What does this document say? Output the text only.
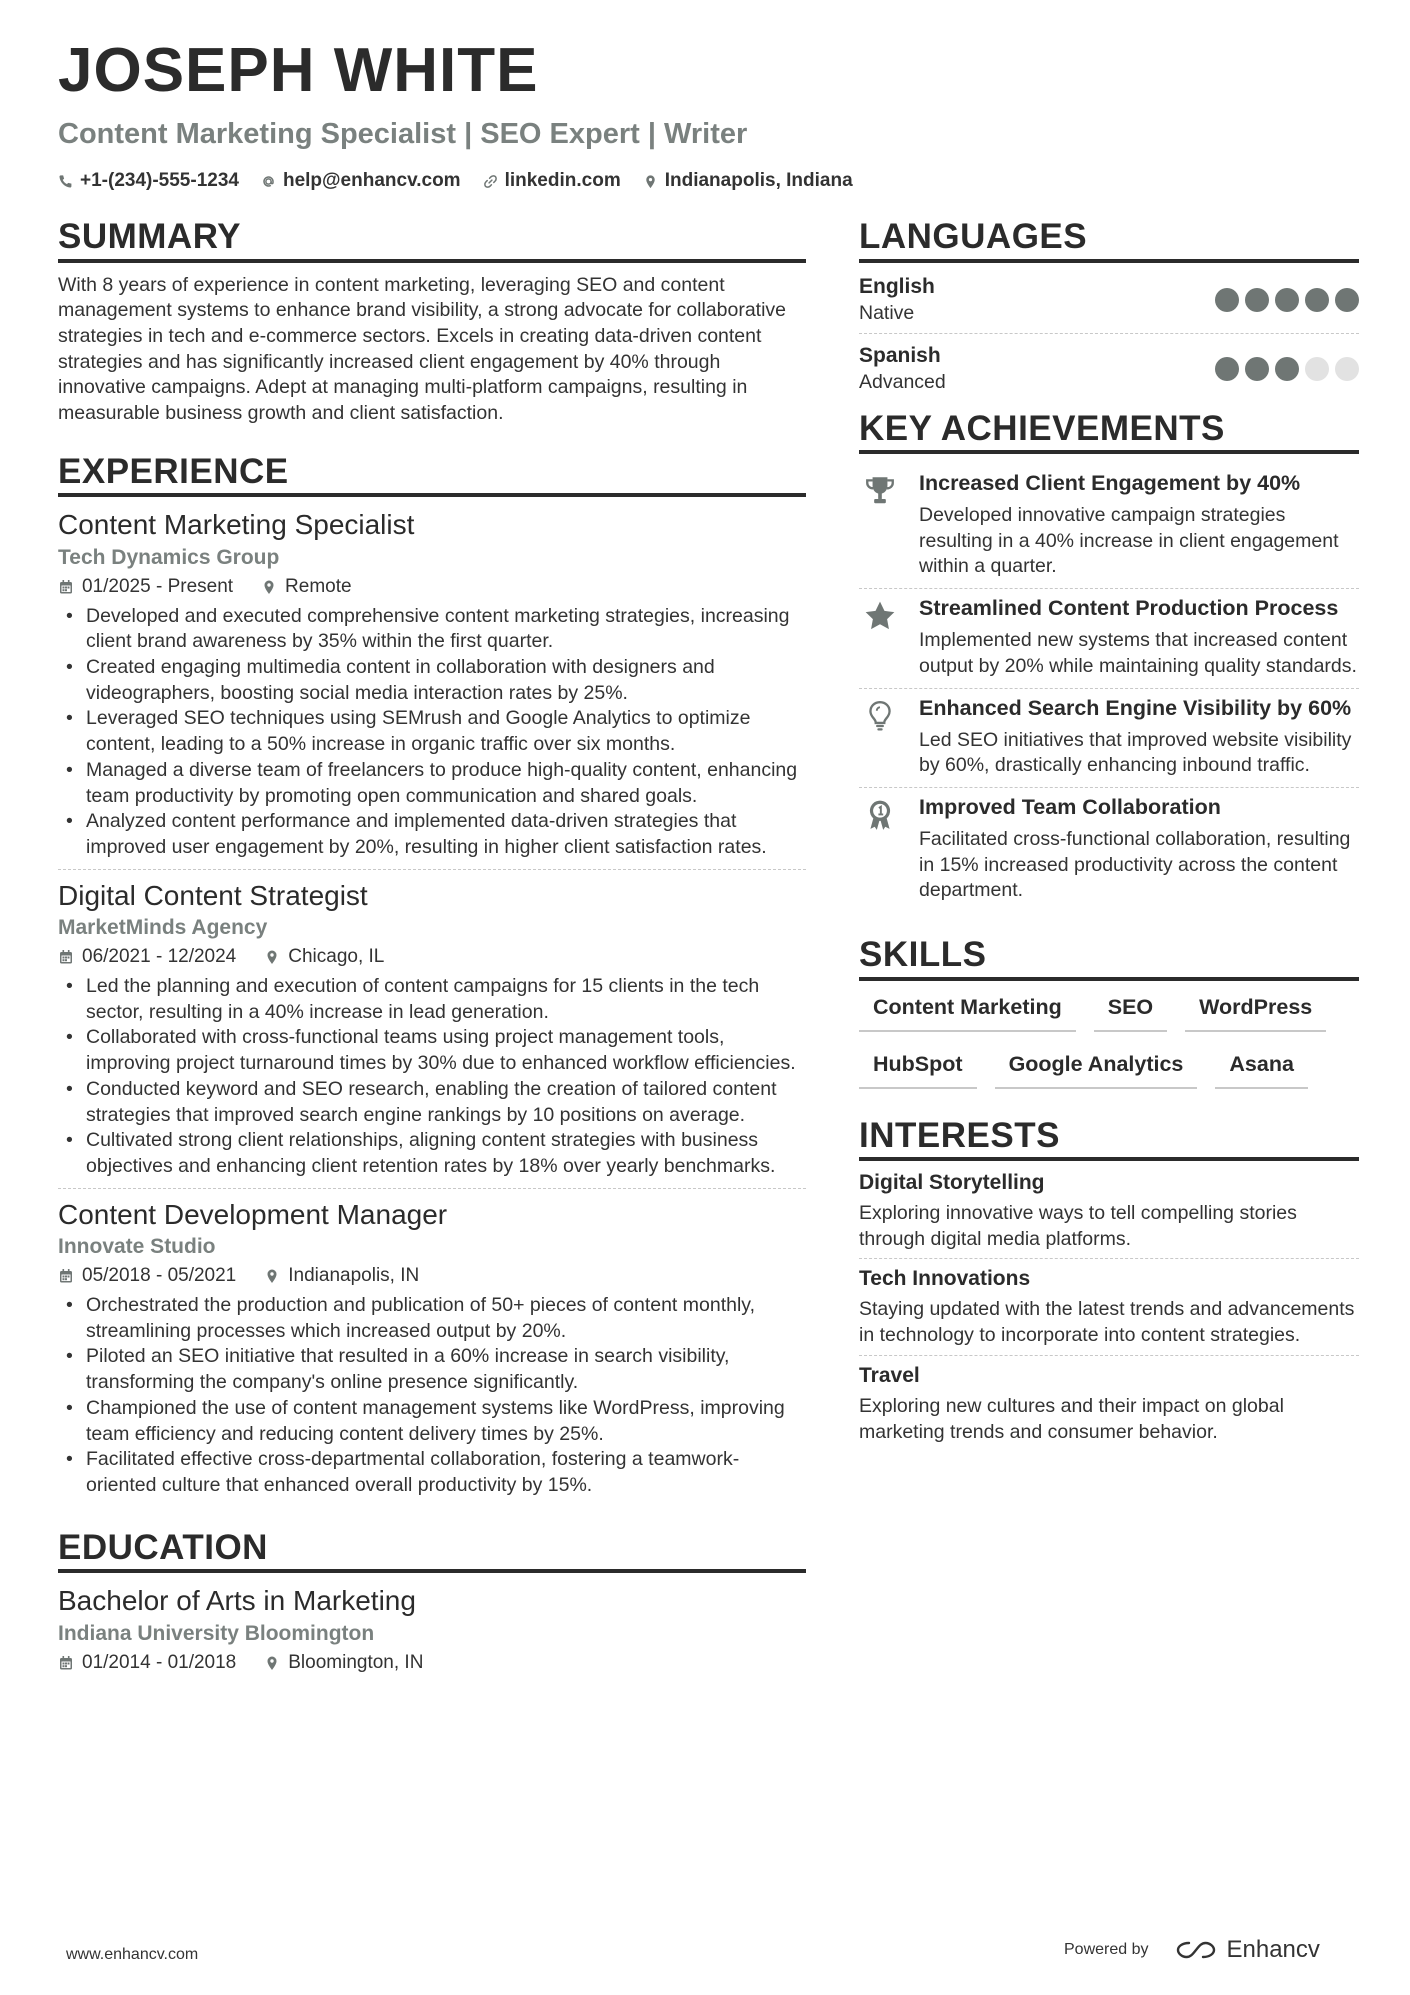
JOSEPH WHITE
Content Marketing Specialist | SEO Expert | Writer
+1-(234)-555-1234 help@enhancv.com linkedin.com Indianapolis, Indiana
SUMMARY

With 8 years of experience in content marketing, leveraging SEO and content management systems to enhance brand visibility, a strong advocate for collaborative strategies in tech and e-commerce sectors. Excels in creating data-driven content strategies and has significantly increased client engagement by 40% through innovative campaigns. Adept at managing multi-platform campaigns, resulting in measurable business growth and client satisfaction.

EXPERIENCE
Content Marketing Specialist
Tech Dynamics Group
01/2025 - Present	Remote
• Developed and executed comprehensive content marketing strategies, increasing client brand awareness by 35% within the first quarter.
• Created engaging multimedia content in collaboration with designers and videographers, boosting social media interaction rates by 25%.
• Leveraged SEO techniques using SEMrush and Google Analytics to optimize content, leading to a 50% increase in organic traffic over six months.
• Managed a diverse team of freelancers to produce high-quality content, enhancing team productivity by promoting open communication and shared goals.
• Analyzed content performance and implemented data-driven strategies that improved user engagement by 20%, resulting in higher client satisfaction rates.
Digital Content Strategist
MarketMinds Agency
06/2021 - 12/2024	Chicago, IL
• Led the planning and execution of content campaigns for 15 clients in the tech sector, resulting in a 40% increase in lead generation.
• Collaborated with cross-functional teams using project management tools, improving project turnaround times by 30% due to enhanced workflow efficiencies.
• Conducted keyword and SEO research, enabling the creation of tailored content strategies that improved search engine rankings by 10 positions on average.
• Cultivated strong client relationships, aligning content strategies with business objectives and enhancing client retention rates by 18% over yearly benchmarks.
Content Development Manager
Innovate Studio
05/2018 - 05/2021	Indianapolis, IN
• Orchestrated the production and publication of 50+ pieces of content monthly, streamlining processes which increased output by 20%.
• Piloted an SEO initiative that resulted in a 60% increase in search visibility, transforming the company's online presence significantly.
• Championed the use of content management systems like WordPress, improving team efficiency and reducing content delivery times by 25%.
• Facilitated effective cross-departmental collaboration, fostering a teamwork-oriented culture that enhanced overall productivity by 15%.
EDUCATION
Bachelor of Arts in Marketing
Indiana University Bloomington
01/2014 - 01/2018	Bloomington, IN
LANGUAGES
English
Native
Spanish
Advanced
KEY ACHIEVEMENTS
Increased Client Engagement by 40%
Developed innovative campaign strategies resulting in a 40% increase in client engagement within a quarter.
Streamlined Content Production Process
Implemented new systems that increased content output by 20% while maintaining quality standards.
Enhanced Search Engine Visibility by 60%
Led SEO initiatives that improved website visibility by 60%, drastically enhancing inbound traffic.
Improved Team Collaboration
Facilitated cross-functional collaboration, resulting in 15% increased productivity across the content department.
SKILLS
Content Marketing	SEO	WordPress
HubSpot	Google Analytics	Asana
INTERESTS
Digital Storytelling
Exploring innovative ways to tell compelling stories through digital media platforms.
Tech Innovations
Staying updated with the latest trends and advancements in technology to incorporate into content strategies.
Travel
Exploring new cultures and their impact on global marketing trends and consumer behavior.
www.enhancv.com	Powered by	Enhancv
